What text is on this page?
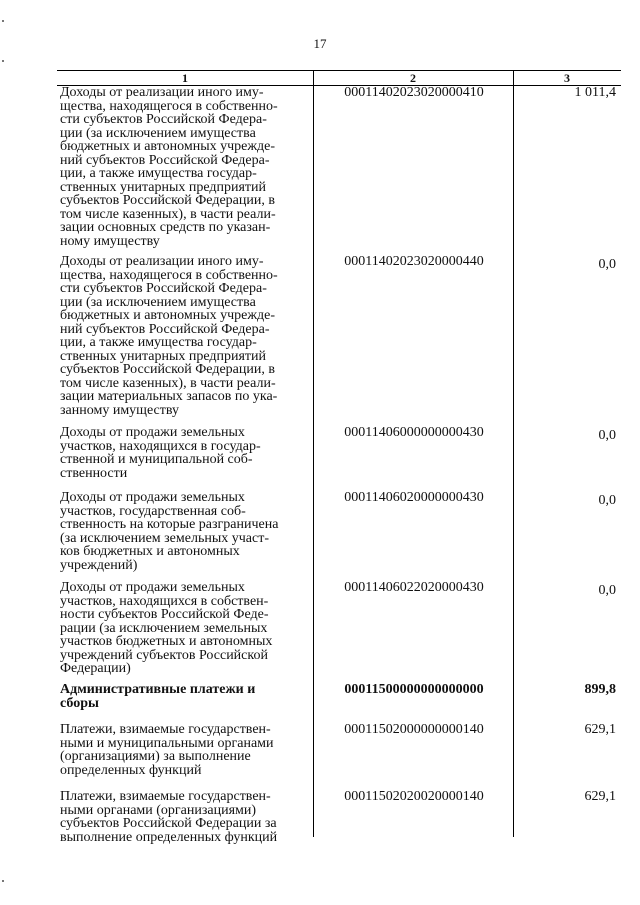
17
1	2	3
Доходы от реализации иного иму-
щества, находящегося в собственно-
сти субъектов Российской Федера-
ции (за исключением имущества
бюджетных и автономных учрежде-
ний субъектов Российской Федера-
ции, а также имущества государ-
ственных унитарных предприятий
субъектов Российской Федерации, в
том числе казенных), в части реали-
зации основных средств по указан-
ному имуществу
00011402023020000410	1 011,4
Доходы от реализации иного иму-
щества, находящегося в собственно-
сти субъектов Российской Федера-
ции (за исключением имущества
бюджетных и автономных учрежде-
ний субъектов Российской Федера-
ции, а также имущества государ-
ственных унитарных предприятий
субъектов Российской Федерации, в
том числе казенных), в части реали-
зации материальных запасов по ука-
занному имуществу
00011402023020000440	0,0
Доходы от продажи земельных
участков, находящихся в государ-
ственной и муниципальной соб-
ственности
00011406000000000430	0,0
Доходы от продажи земельных
участков, государственная соб-
ственность на которые разграничена
(за исключением земельных участ-
ков бюджетных и автономных
учреждений)
00011406020000000430	0,0
Доходы от продажи земельных
участков, находящихся в собствен-
ности субъектов Российской Феде-
рации (за исключением земельных
участков бюджетных и автономных
учреждений субъектов Российской
Федерации)
00011406022020000430	0,0
Административные платежи и
сборы
00011500000000000000	899,8
Платежи, взимаемые государствен-
ными и муниципальными органами
(организациями) за выполнение
определенных функций
00011502000000000140	629,1
Платежи, взимаемые государствен-
ными органами (организациями)
субъектов Российской Федерации за
выполнение определенных функций
00011502020020000140	629,1
